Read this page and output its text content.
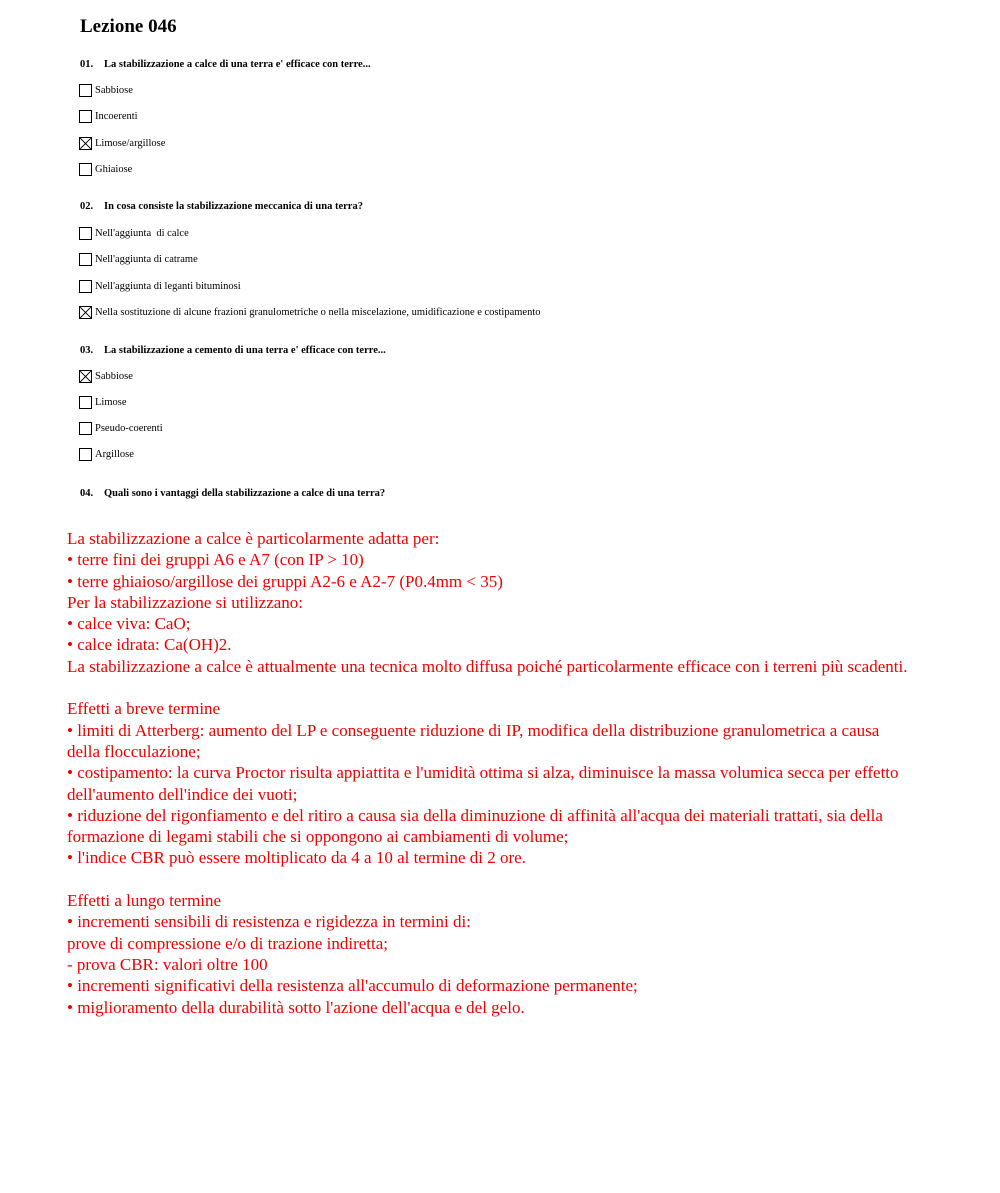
Lezione 046
01. La stabilizzazione a calce di una terra e' efficace con terre...
Sabbiose
Incoerenti
Limose/argillose
Ghiaiose
02. In cosa consiste la stabilizzazione meccanica di una terra?
Nell'aggiunta  di calce
Nell'aggiunta di catrame
Nell'aggiunta di leganti bituminosi
Nella sostituzione di alcune frazioni granulometriche o nella miscelazione, umidificazione e costipamento
03. La stabilizzazione a cemento di una terra e' efficace con terre...
Sabbiose
Limose
Pseudo-coerenti
Argillose
04. Quali sono i vantaggi della stabilizzazione a calce di una terra?

La stabilizzazione a calce è particolarmente adatta per:

• terre fini dei gruppi A6 e A7 (con IP > 10)

• terre ghiaioso/argillose dei gruppi A2-6 e A2-7 (P0.4mm < 35)

Per la stabilizzazione si utilizzano:

• calce viva: CaO;

• calce idrata: Ca(OH)2.

La stabilizzazione a calce è attualmente una tecnica molto diffusa poiché particolarmente efficace con i terreni più scadenti.

Effetti a breve termine

• limiti di Atterberg: aumento del LP e conseguente riduzione di IP, modifica della distribuzione granulometrica a causa

della flocculazione;

• costipamento: la curva Proctor risulta appiattita e l'umidità ottima si alza, diminuisce la massa volumica secca per effetto dell'aumento dell'indice dei vuoti;

• riduzione del rigonfiamento e del ritiro a causa sia della diminuzione di affinità all'acqua dei materiali trattati, sia della formazione di legami stabili che si oppongono ai cambiamenti di volume;

• l'indice CBR può essere moltiplicato da 4 a 10 al termine di 2 ore.

Effetti a lungo termine

• incrementi sensibili di resistenza e rigidezza in termini di:

prove di compressione e/o di trazione indiretta;

- prova CBR: valori oltre 100

• incrementi significativi della resistenza all'accumulo di deformazione permanente;

• miglioramento della durabilità sotto l'azione dell'acqua e del gelo.
